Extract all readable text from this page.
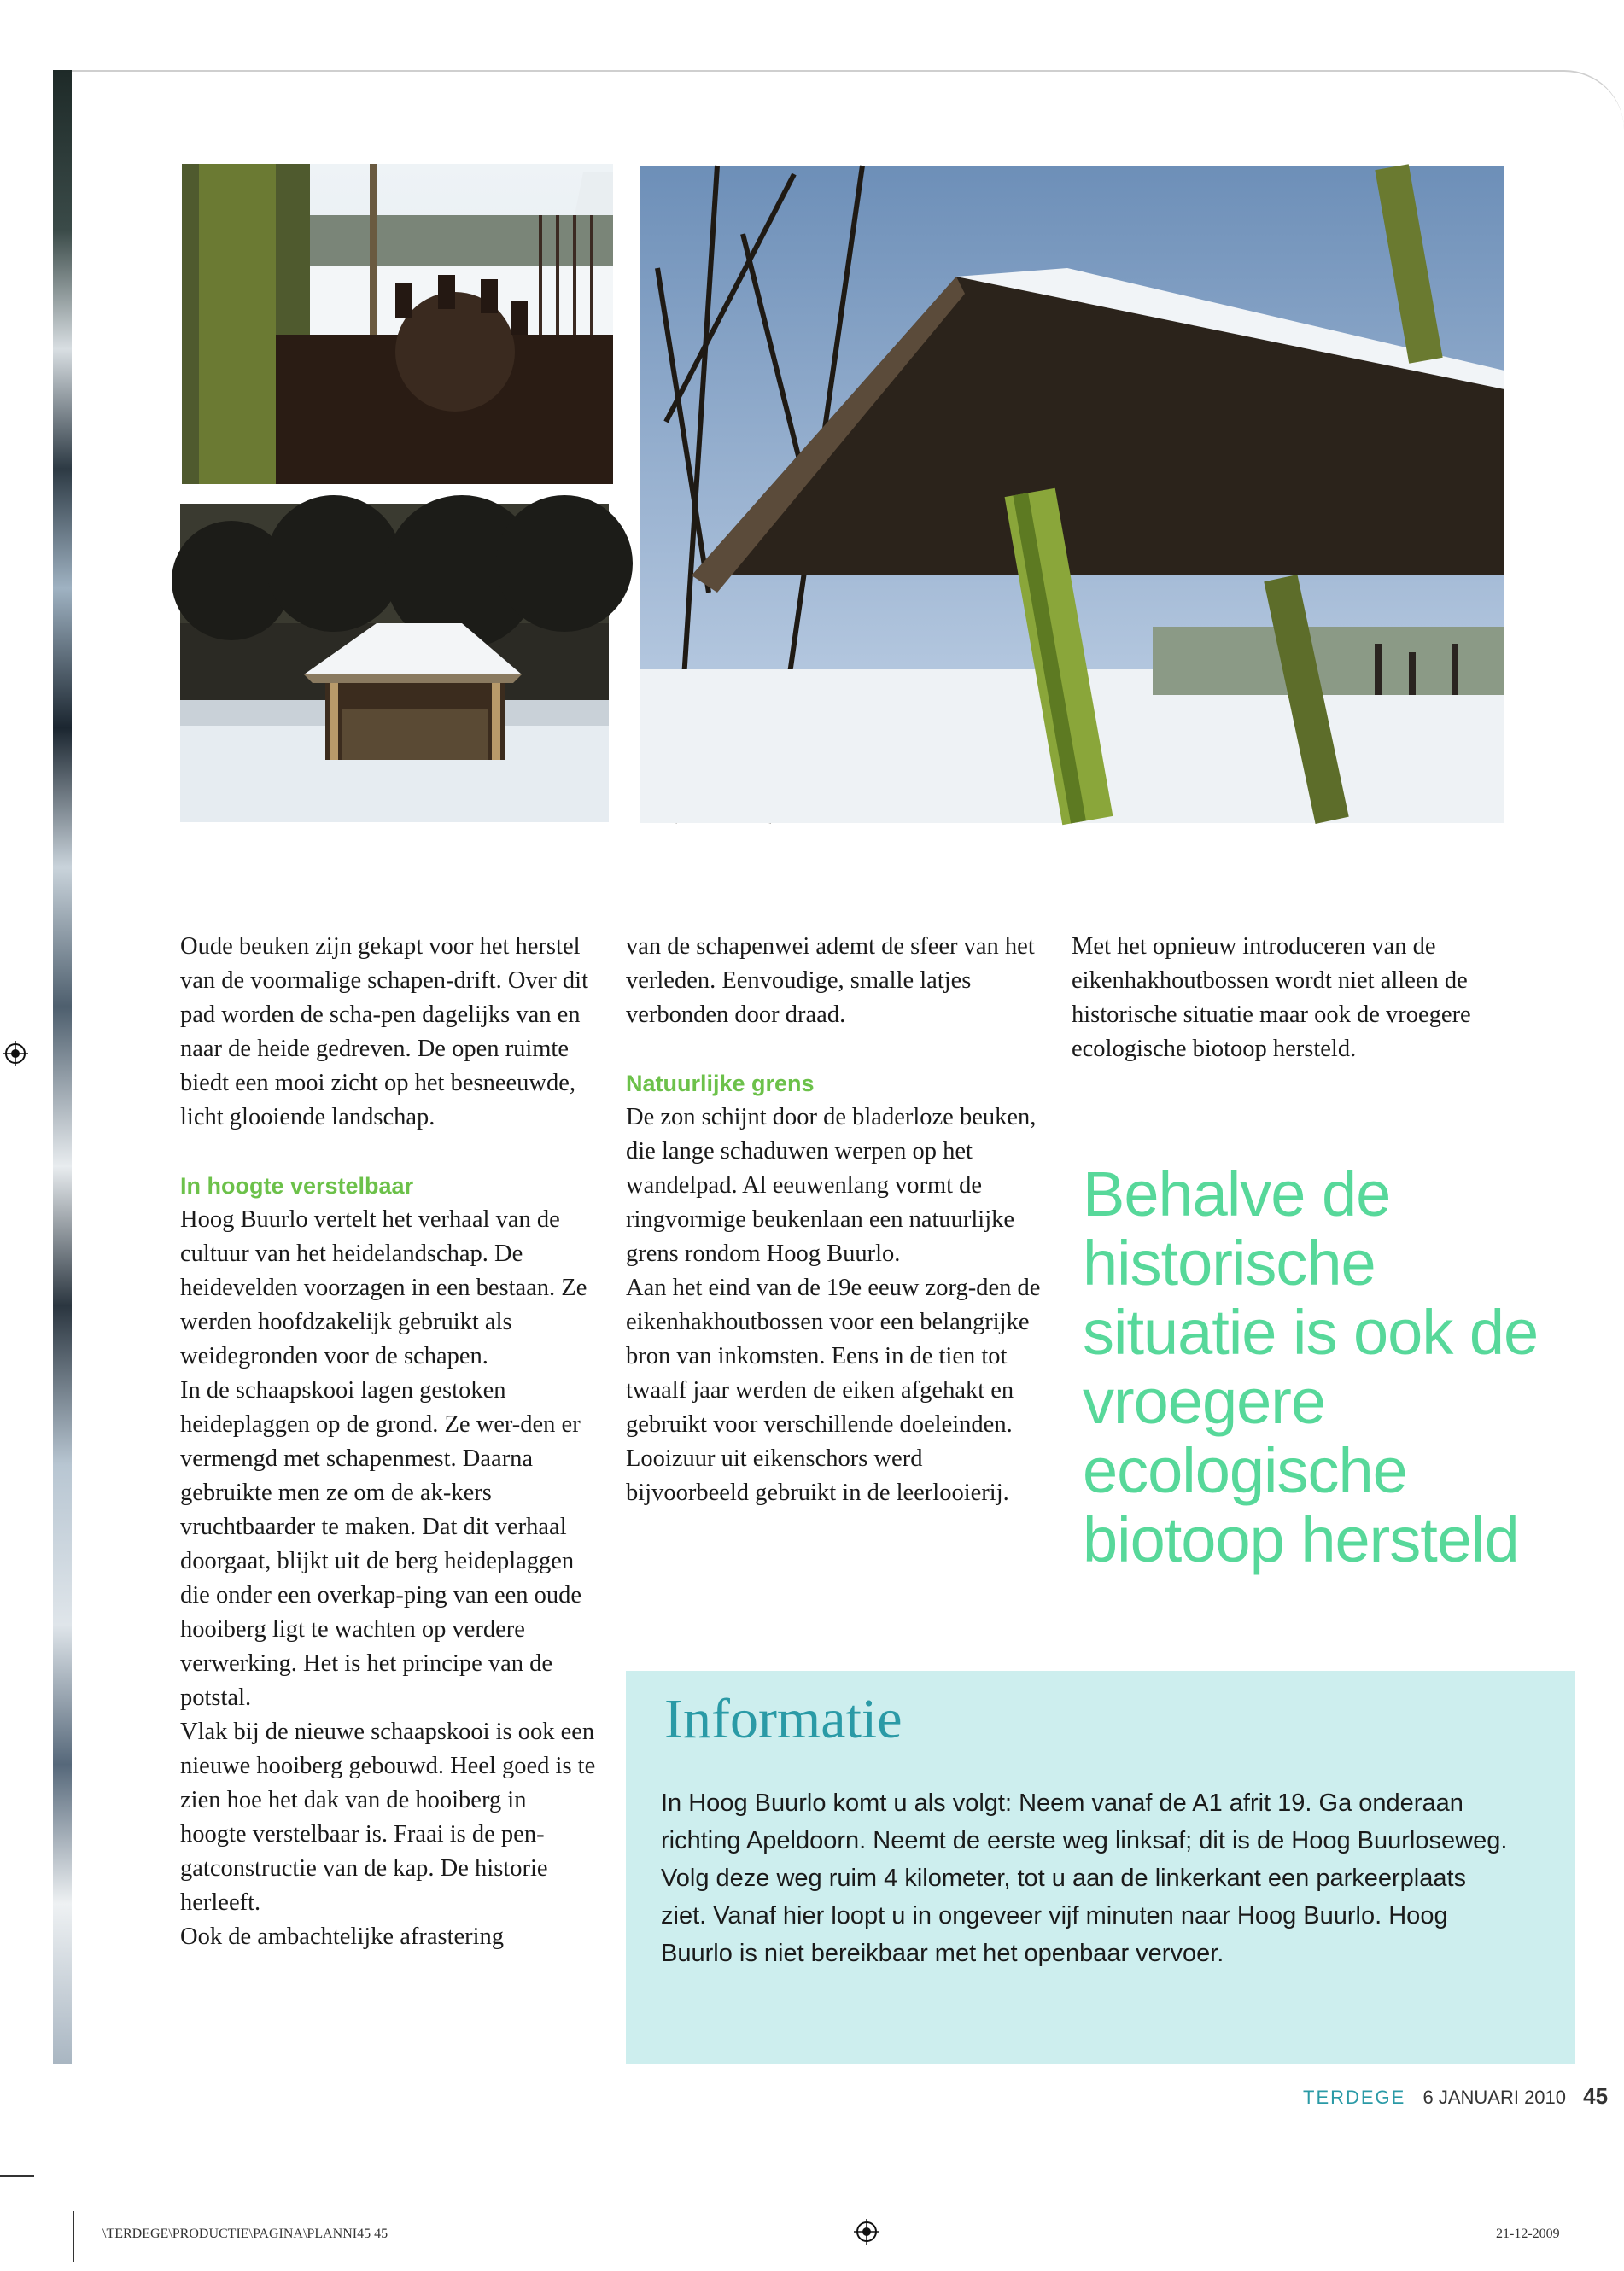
Oude beuken zijn gekapt voor het herstel van de voormalige schapen-drift. Over dit pad worden de scha-pen dagelijks van en naar de heide gedreven. De open ruimte biedt een mooi zicht op het besneeuwde, licht glooiende landschap.

In hoogte verstelbaar

Hoog Buurlo vertelt het verhaal van de cultuur van het heidelandschap. De heidevelden voorzagen in een bestaan. Ze werden hoofdzakelijk gebruikt als weidegronden voor de schapen.

In de schaapskooi lagen gestoken heideplaggen op de grond. Ze wer-den er vermengd met schapenmest. Daarna gebruikte men ze om de ak-kers vruchtbaarder te maken. Dat dit verhaal doorgaat, blijkt uit de berg heideplaggen die onder een overkap-ping van een oude hooiberg ligt te wachten op verdere verwerking. Het is het principe van de potstal.

Vlak bij de nieuwe schaapskooi is ook een nieuwe hooiberg gebouwd. Heel goed is te zien hoe het dak van de hooiberg in hoogte verstelbaar is. Fraai is de pen-gatconstructie van de kap. De historie herleeft.

Ook de ambachtelijke afrastering

van de schapenwei ademt de sfeer van het verleden. Eenvoudige, smalle latjes verbonden door draad.

Natuurlijke grens

De zon schijnt door de bladerloze beuken, die lange schaduwen werpen op het wandelpad. Al eeuwenlang vormt de ringvormige beukenlaan een natuurlijke grens rondom Hoog Buurlo.

Aan het eind van de 19e eeuw zorg-den de eikenhakhoutbossen voor een belangrijke bron van inkomsten. Eens in de tien tot twaalf jaar werden de eiken afgehakt en gebruikt voor verschillende doeleinden. Looizuur uit eikenschors werd bijvoorbeeld gebruikt in de leerlooierij.

Met het opnieuw introduceren van de eikenhakhoutbossen wordt niet alleen de historische situatie maar ook de vroegere ecologische biotoop hersteld.

Behalve de historische situatie is ook de vroegere ecologische biotoop hersteld
Informatie
In Hoog Buurlo komt u als volgt: Neem vanaf de A1 afrit 19. Ga onderaan richting Apeldoorn. Neemt de eerste weg linksaf; dit is de Hoog Buurloseweg. Volg deze weg ruim 4 kilometer, tot u aan de linkerkant een parkeerplaats ziet. Vanaf hier loopt u in ongeveer vijf minuten naar Hoog Buurlo. Hoog Buurlo is niet bereikbaar met het openbaar vervoer.
TERDEGE 6 JANUARI 2010 45
\TERDEGE\PRODUCTIE\PAGINA\PLANNI45 45	21-12-2009
